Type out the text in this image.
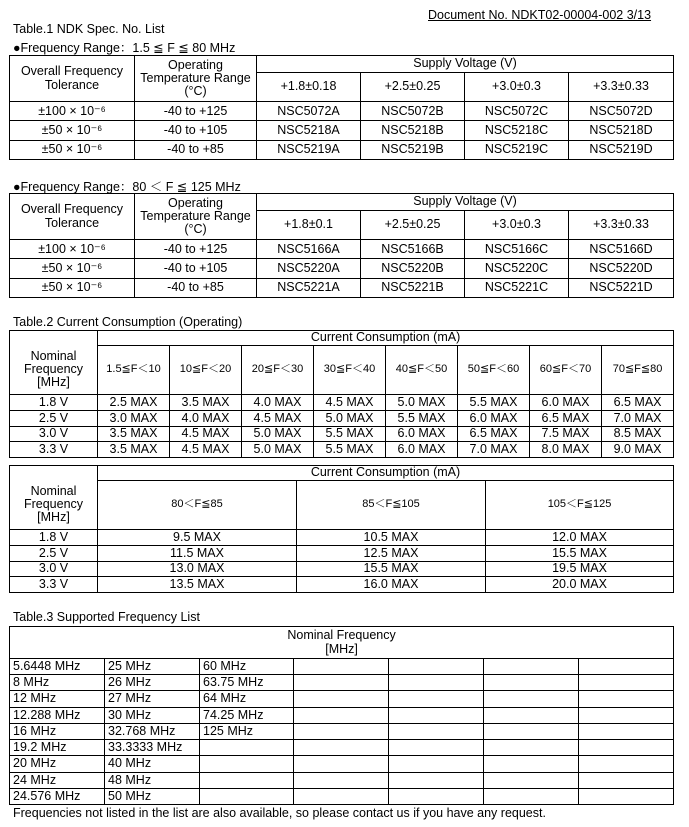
Document No. NDKT02-00004-002 3/13
Table.1 NDK Spec. No. List
●Frequency Range：1.5 ≦ F ≦ 80 MHz
Overall Frequency Tolerance	Operating Temperature Range (°C)	Supply Voltage (V)			
		+1.8±0.18	+2.5±0.25	+3.0±0.3	+3.3±0.33
±100 × 10⁻⁶	-40 to +125	NSC5072A	NSC5072B	NSC5072C	NSC5072D
±50 × 10⁻⁶	-40 to +105	NSC5218A	NSC5218B	NSC5218C	NSC5218D
±50 × 10⁻⁶	-40 to +85	NSC5219A	NSC5219B	NSC5219C	NSC5219D
●Frequency Range：80 ＜ F ≦ 125 MHz
Overall Frequency Tolerance	Operating Temperature Range (°C)	Supply Voltage (V)			
		+1.8±0.1	+2.5±0.25	+3.0±0.3	+3.3±0.33
±100 × 10⁻⁶	-40 to +125	NSC5166A	NSC5166B	NSC5166C	NSC5166D
±50 × 10⁻⁶	-40 to +105	NSC5220A	NSC5220B	NSC5220C	NSC5220D
±50 × 10⁻⁶	-40 to +85	NSC5221A	NSC5221B	NSC5221C	NSC5221D
Table.2 Current Consumption (Operating)
	Current Consumption (mA)							
Nominal Frequency [MHz]	1.5≦F＜10	10≦F＜20	20≦F＜30	30≦F＜40	40≦F＜50	50≦F＜60	60≦F＜70	70≦F≦80
1.8 V	2.5 MAX	3.5 MAX	4.0 MAX	4.5 MAX	5.0 MAX	5.5 MAX	6.0 MAX	6.5 MAX
2.5 V	3.0 MAX	4.0 MAX	4.5 MAX	5.0 MAX	5.5 MAX	6.0 MAX	6.5 MAX	7.0 MAX
3.0 V	3.5 MAX	4.5 MAX	5.0 MAX	5.5 MAX	6.0 MAX	6.5 MAX	7.5 MAX	8.5 MAX
3.3 V	3.5 MAX	4.5 MAX	5.0 MAX	5.5 MAX	6.0 MAX	7.0 MAX	8.0 MAX	9.0 MAX
	Current Consumption (mA)		
Nominal Frequency [MHz]	80＜F≦85	85＜F≦105	105＜F≦125
1.8 V	9.5 MAX	10.5 MAX	12.0 MAX
2.5 V	11.5 MAX	12.5 MAX	15.5 MAX
3.0 V	13.0 MAX	15.5 MAX	19.5 MAX
3.3 V	13.5 MAX	16.0 MAX	20.0 MAX
Table.3 Supported Frequency List
Nominal Frequency [MHz]						
5.6448 MHz	25 MHz	60 MHz				
8 MHz	26 MHz	63.75 MHz				
12 MHz	27 MHz	64 MHz				
12.288 MHz	30 MHz	74.25 MHz				
16 MHz	32.768 MHz	125 MHz				
19.2 MHz	33.3333 MHz					
20 MHz	40 MHz					
24 MHz	48 MHz					
24.576 MHz	50 MHz					
Frequencies not listed in the list are also available, so please contact us if you have any request.
